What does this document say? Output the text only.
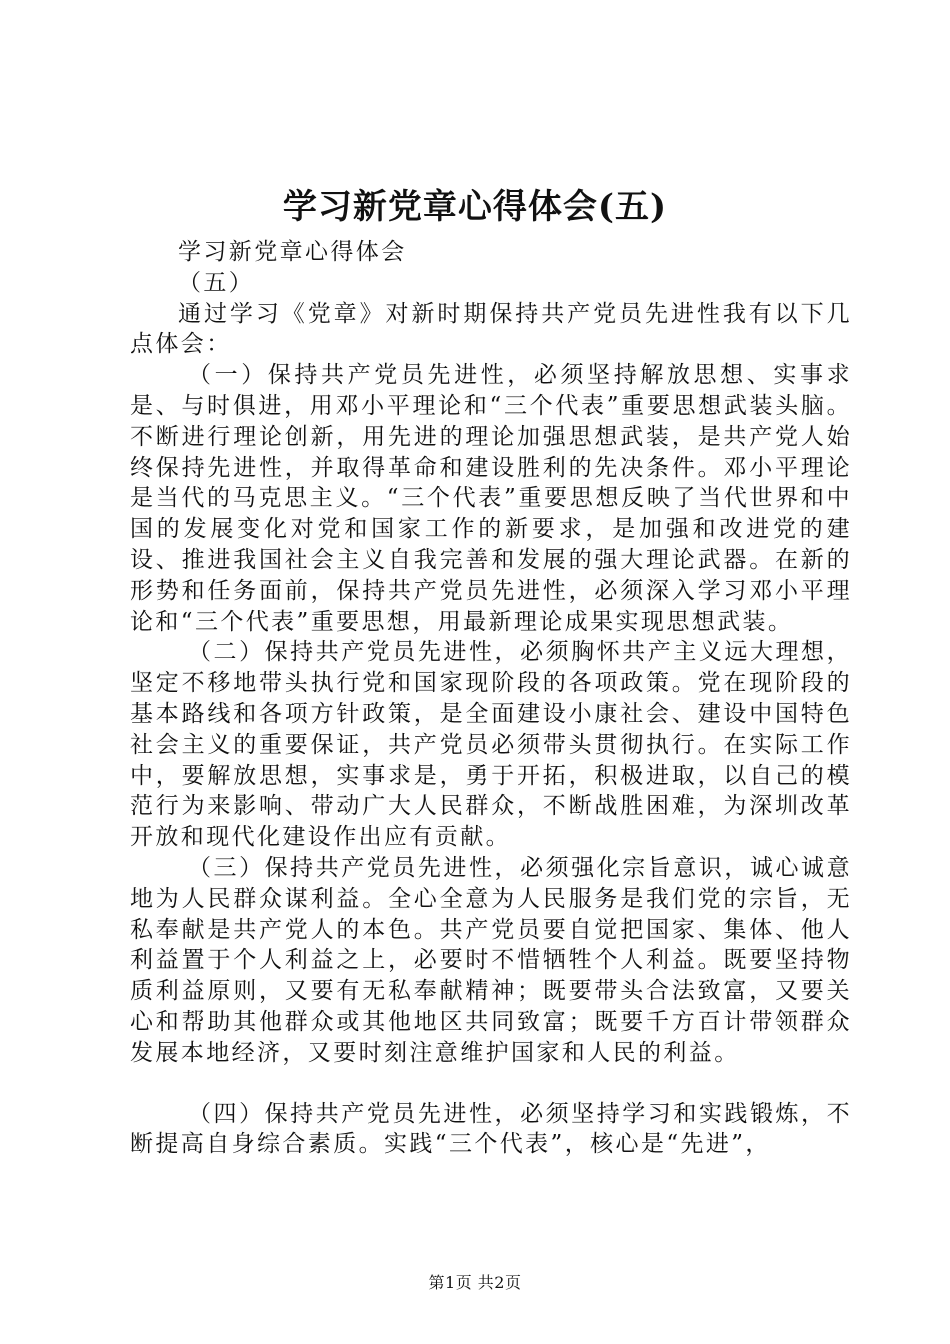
学习新党章心得体会(五)

学习新党章心得体会

（五）

通过学习《党章》对新时期保持共产党员先进性我有以下几点体会：

（一）保持共产党员先进性，必须坚持解放思想、实事求是、与时俱进，用邓小平理论和“三个代表”重要思想武装头脑。不断进行理论创新，用先进的理论加强思想武装，是共产党人始终保持先进性，并取得革命和建设胜利的先决条件。邓小平理论是当代的马克思主义。“三个代表”重要思想反映了当代世界和中国的发展变化对党和国家工作的新要求，是加强和改进党的建设、推进我国社会主义自我完善和发展的强大理论武器。在新的形势和任务面前，保持共产党员先进性，必须深入学习邓小平理论和“三个代表”重要思想，用最新理论成果实现思想武装。

（二）保持共产党员先进性，必须胸怀共产主义远大理想，坚定不移地带头执行党和国家现阶段的各项政策。党在现阶段的基本路线和各项方针政策，是全面建设小康社会、建设中国特色社会主义的重要保证，共产党员必须带头贯彻执行。在实际工作中，要解放思想，实事求是，勇于开拓，积极进取，以自己的模范行为来影响、带动广大人民群众，不断战胜困难，为深圳改革开放和现代化建设作出应有贡献。

（三）保持共产党员先进性，必须强化宗旨意识，诚心诚意地为人民群众谋利益。全心全意为人民服务是我们党的宗旨，无私奉献是共产党人的本色。共产党员要自觉把国家、集体、他人利益置于个人利益之上，必要时不惜牺牲个人利益。既要坚持物质利益原则，又要有无私奉献精神；既要带头合法致富，又要关心和帮助其他群众或其他地区共同致富；既要千方百计带领群众发展本地经济，又要时刻注意维护国家和人民的利益。

（四）保持共产党员先进性，必须坚持学习和实践锻炼，不断提高自身综合素质。实践“三个代表”，核心是“先进”，

第1页 共2页
